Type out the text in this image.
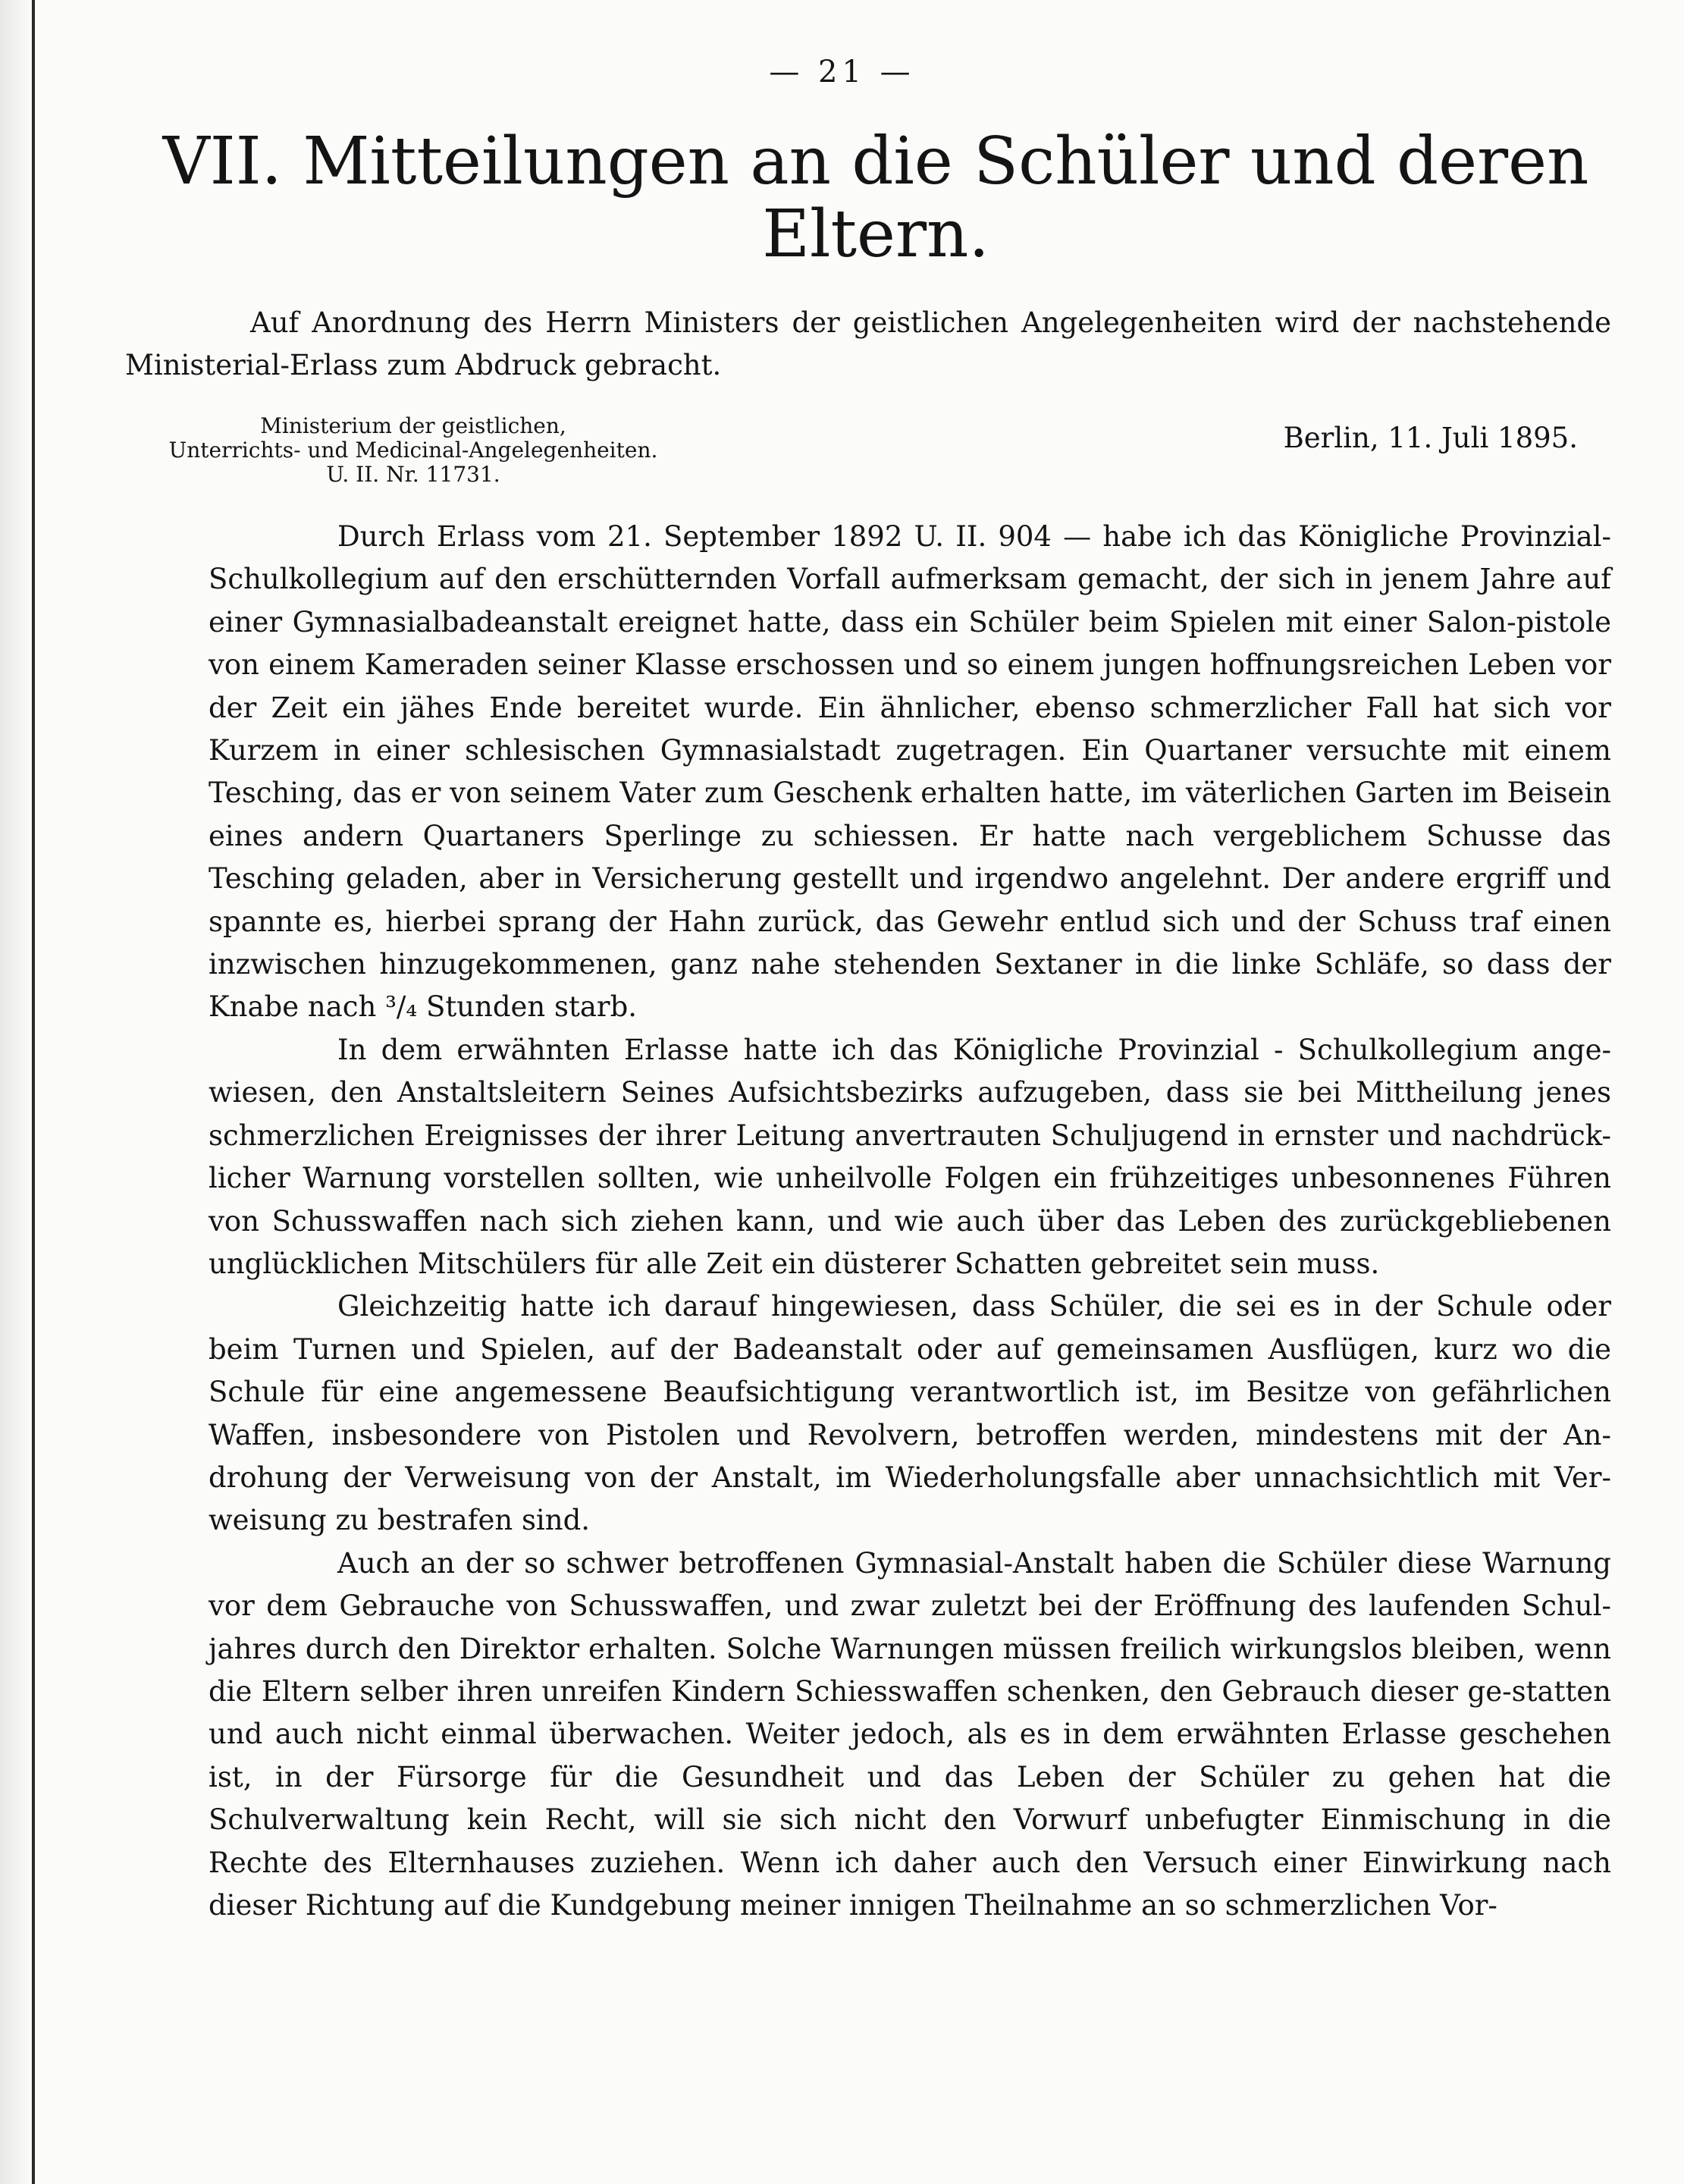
— 21 —
VII. Mitteilungen an die Schüler und deren Eltern.

Auf Anordnung des Herrn Ministers der geistlichen Angelegenheiten wird der nachstehende Ministerial-Erlass zum Abdruck gebracht.

Ministerium der geistlichen,
Unterrichts- und Medicinal-Angelegenheiten.
U. II. Nr. 11731.
Berlin, 11. Juli 1895.

Durch Erlass vom 21. September 1892 U. II. 904 — habe ich das Königliche Provinzial-Schulkollegium auf den erschütternden Vorfall aufmerksam gemacht, der sich in jenem Jahre auf einer Gymnasialbadeanstalt ereignet hatte, dass ein Schüler beim Spielen mit einer Salon-pistole von einem Kameraden seiner Klasse erschossen und so einem jungen hoffnungsreichen Leben vor der Zeit ein jähes Ende bereitet wurde. Ein ähnlicher, ebenso schmerzlicher Fall hat sich vor Kurzem in einer schlesischen Gymnasialstadt zugetragen. Ein Quartaner versuchte mit einem Tesching, das er von seinem Vater zum Geschenk erhalten hatte, im väterlichen Garten im Beisein eines andern Quartaners Sperlinge zu schiessen. Er hatte nach vergeblichem Schusse das Tesching geladen, aber in Versicherung gestellt und irgendwo angelehnt. Der andere ergriff und spannte es, hierbei sprang der Hahn zurück, das Gewehr entlud sich und der Schuss traf einen inzwischen hinzugekommenen, ganz nahe stehenden Sextaner in die linke Schläfe, so dass der Knabe nach ³/₄ Stunden starb.

In dem erwähnten Erlasse hatte ich das Königliche Provinzial - Schulkollegium ange-wiesen, den Anstaltsleitern Seines Aufsichtsbezirks aufzugeben, dass sie bei Mittheilung jenes schmerzlichen Ereignisses der ihrer Leitung anvertrauten Schuljugend in ernster und nachdrück-licher Warnung vorstellen sollten, wie unheilvolle Folgen ein frühzeitiges unbesonnenes Führen von Schusswaffen nach sich ziehen kann, und wie auch über das Leben des zurückgebliebenen unglücklichen Mitschülers für alle Zeit ein düsterer Schatten gebreitet sein muss.

Gleichzeitig hatte ich darauf hingewiesen, dass Schüler, die sei es in der Schule oder beim Turnen und Spielen, auf der Badeanstalt oder auf gemeinsamen Ausflügen, kurz wo die Schule für eine angemessene Beaufsichtigung verantwortlich ist, im Besitze von gefährlichen Waffen, insbesondere von Pistolen und Revolvern, betroffen werden, mindestens mit der An-drohung der Verweisung von der Anstalt, im Wiederholungsfalle aber unnachsichtlich mit Ver-weisung zu bestrafen sind.

Auch an der so schwer betroffenen Gymnasial-Anstalt haben die Schüler diese Warnung vor dem Gebrauche von Schusswaffen, und zwar zuletzt bei der Eröffnung des laufenden Schul-jahres durch den Direktor erhalten. Solche Warnungen müssen freilich wirkungslos bleiben, wenn die Eltern selber ihren unreifen Kindern Schiesswaffen schenken, den Gebrauch dieser ge-statten und auch nicht einmal überwachen. Weiter jedoch, als es in dem erwähnten Erlasse geschehen ist, in der Fürsorge für die Gesundheit und das Leben der Schüler zu gehen hat die Schulverwaltung kein Recht, will sie sich nicht den Vorwurf unbefugter Einmischung in die Rechte des Elternhauses zuziehen. Wenn ich daher auch den Versuch einer Einwirkung nach dieser Richtung auf die Kundgebung meiner innigen Theilnahme an so schmerzlichen Vor-
